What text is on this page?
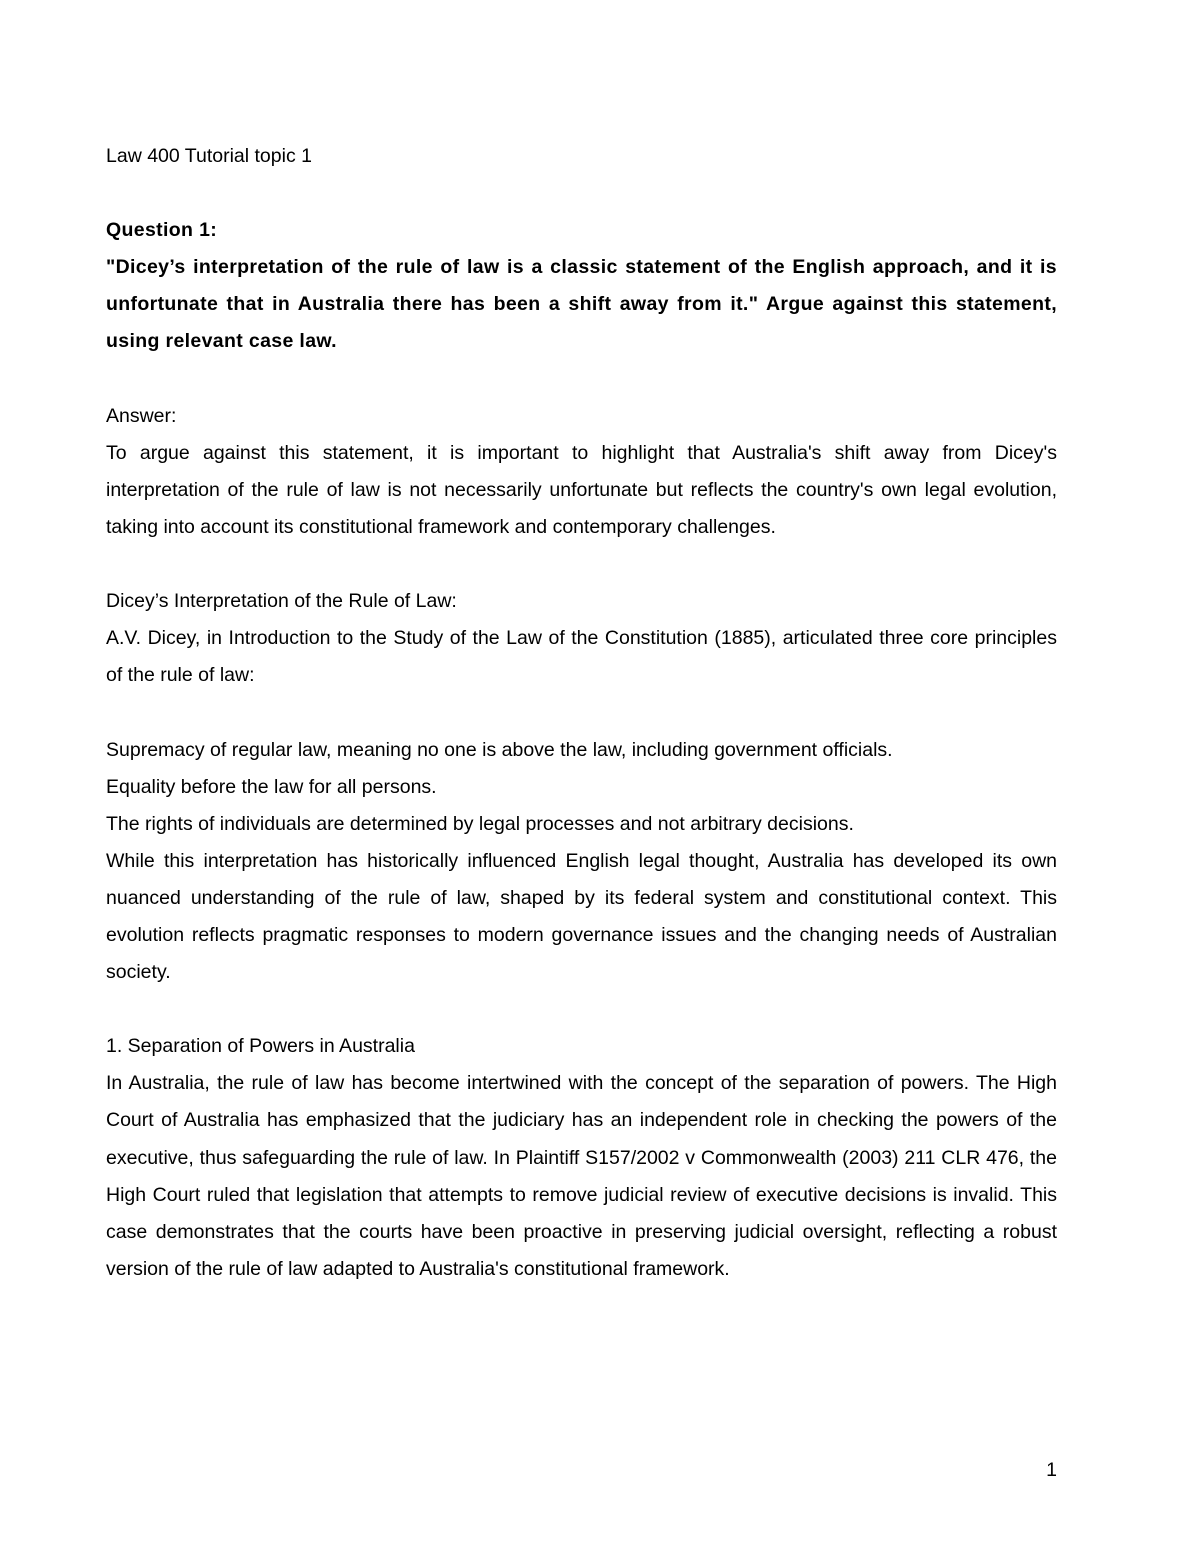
Law 400 Tutorial topic 1

Question 1:

"Dicey’s interpretation of the rule of law is a classic statement of the English approach, and it is unfortunate that in Australia there has been a shift away from it." Argue against this statement, using relevant case law.

Answer:

To argue against this statement, it is important to highlight that Australia's shift away from Dicey's interpretation of the rule of law is not necessarily unfortunate but reflects the country's own legal evolution, taking into account its constitutional framework and contemporary challenges.

Dicey’s Interpretation of the Rule of Law:

A.V. Dicey, in Introduction to the Study of the Law of the Constitution (1885), articulated three core principles of the rule of law:

Supremacy of regular law, meaning no one is above the law, including government officials.

Equality before the law for all persons.

The rights of individuals are determined by legal processes and not arbitrary decisions.

While this interpretation has historically influenced English legal thought, Australia has developed its own nuanced understanding of the rule of law, shaped by its federal system and constitutional context. This evolution reflects pragmatic responses to modern governance issues and the changing needs of Australian society.

1. Separation of Powers in Australia

In Australia, the rule of law has become intertwined with the concept of the separation of powers. The High Court of Australia has emphasized that the judiciary has an independent role in checking the powers of the executive, thus safeguarding the rule of law. In Plaintiff S157/2002 v Commonwealth (2003) 211 CLR 476, the High Court ruled that legislation that attempts to remove judicial review of executive decisions is invalid. This case demonstrates that the courts have been proactive in preserving judicial oversight, reflecting a robust version of the rule of law adapted to Australia's constitutional framework.

1
